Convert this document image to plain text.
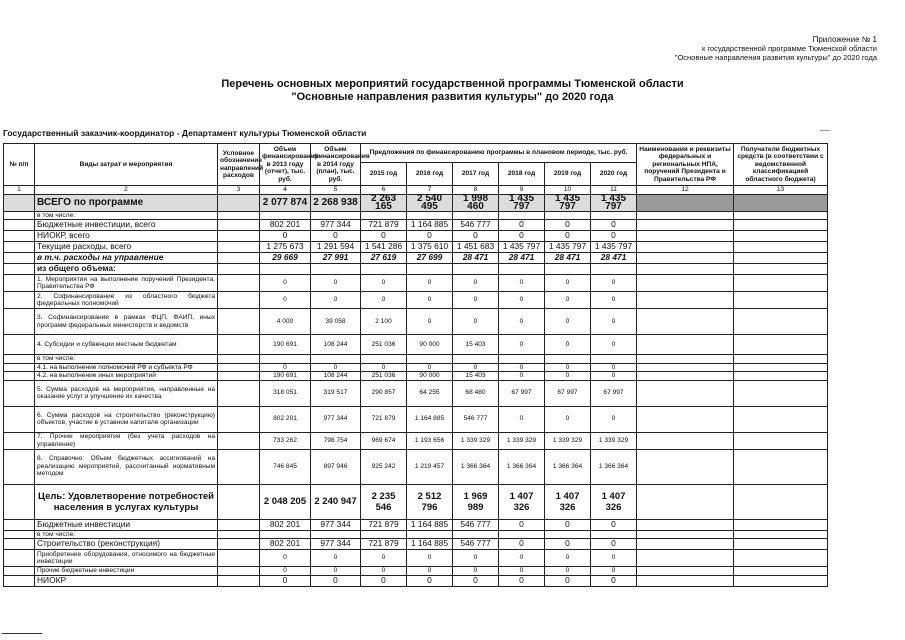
Приложение № 1
к государственной программе Тюменской области
"Основные направления развития культуры" до 2020 года
Перечень основных мероприятий государственной программы Тюменской области
"Основные направления развития культуры" до 2020 года
Государственный заказчик-координатор - Департамент культуры Тюменской области
№ п/п	Виды затрат и мероприятия	Условное обозначение направлений расходов	Объем финансирования в 2013 году (отчет), тыс. руб.	Объем финансирования в 2014 году (план), тыс. руб.	Предложения по финансированию программы в плановом периоде, тыс. руб.						Наименования и реквизиты федеральных и региональных НПА, поручений Президента и Правительства РФ	Получатели бюджетных средств (в соответствии с ведомственной классификацией областного бюджета)	
					2015 год	2016 год	2017 год	2018 год	2019 год	2020 год			
1	2	3	4	5	6	7	8	9	10	11	12	13	
	ВСЕГО по программе		2 077 874	2 268 938	2 263 165	2 540 495	1 998 460	1 435 797	1 435 797	1 435 797			
	в том числе:												
	Бюджетные инвестиции, всего		802 201	977 344	721 879	1 164 885	546 777	0	0	0			
	НИОКР, всего		0	0	0	0	0	0	0	0			
	Текущие расходы, всего		1 275 673	1 291 594	1 541 286	1 375 610	1 451 683	1 435 797	1 435 797	1 435 797			
	в т.ч. расходы на управление		29 669	27 991	27 619	27 699	28 471	28 471	28 471	28 471			
	из общего объема:												
	1. Мероприятия на выполнение поручений Президента, Правительства РФ		0	0	0	0	0	0	0	0			
	2. Софинансирование из областного бюджета федеральных полномочий		0	0	0	0	0	0	0	0			
	3. Софинансирование в рамках ФЦП, ФАИП, иных программ федеральных министерств и ведомств		4 000	39 058	2 100	0	0	0	0	0			
	4. Субсидии и субвенции местным бюджетам		190 691	108 244	251 036	90 000	15 403	0	0	0			
	в том числе:												
	4.1. на выполнение полномочий РФ и субъекта РФ		0	0	0	0	0	0	0	0			
	4.2. на выполнение иных мероприятий		190 691	108 244	251 036	90 000	15 403	0	0	0			
	5. Сумма расходов на мероприятия, направленные на оказание услуг и улучшение их качества		318 051	319 517	290 857	64 255	68 480	67 997	67 997	67 997			
	6. Сумма расходов на строительство (реконструкцию) объектов, участие в уставном капитале организации		802 201	977 344	721 879	1 164 885	546 777	0	0	0			
	7. Прочие мероприятия (без учета расходов на управление)		733 262	798 754	969 674	1 193 656	1 339 329	1 339 329	1 339 329	1 339 329			
	8. Справочно: Объем бюджетных ассигнований на реализацию мероприятий, рассчитанный нормативным методом		746 845	897 946	925 242	1 219 457	1 366 364	1 366 364	1 366 364	1 366 364			
	Цель: Удовлетворение потребностей населения в услугах культуры		2 048 205	2 240 947	2 235 546	2 512 796	1 969 989	1 407 326	1 407 326	1 407 326			
	Бюджетные инвестиции		802 201	977 344	721 879	1 164 885	546 777	0	0	0			
	в том числе:												
	Строительство (реконструкция)		802 201	977 344	721 879	1 164 885	546 777	0	0	0			
	Приобретение оборудования, относимого на бюджетные инвестиции		0	0	0	0	0	0	0	0			
	Прочие бюджетные инвестиции		0	0	0	0	0	0	0	0			
	НИОКР		0	0	0	0	0	0	0	0			
